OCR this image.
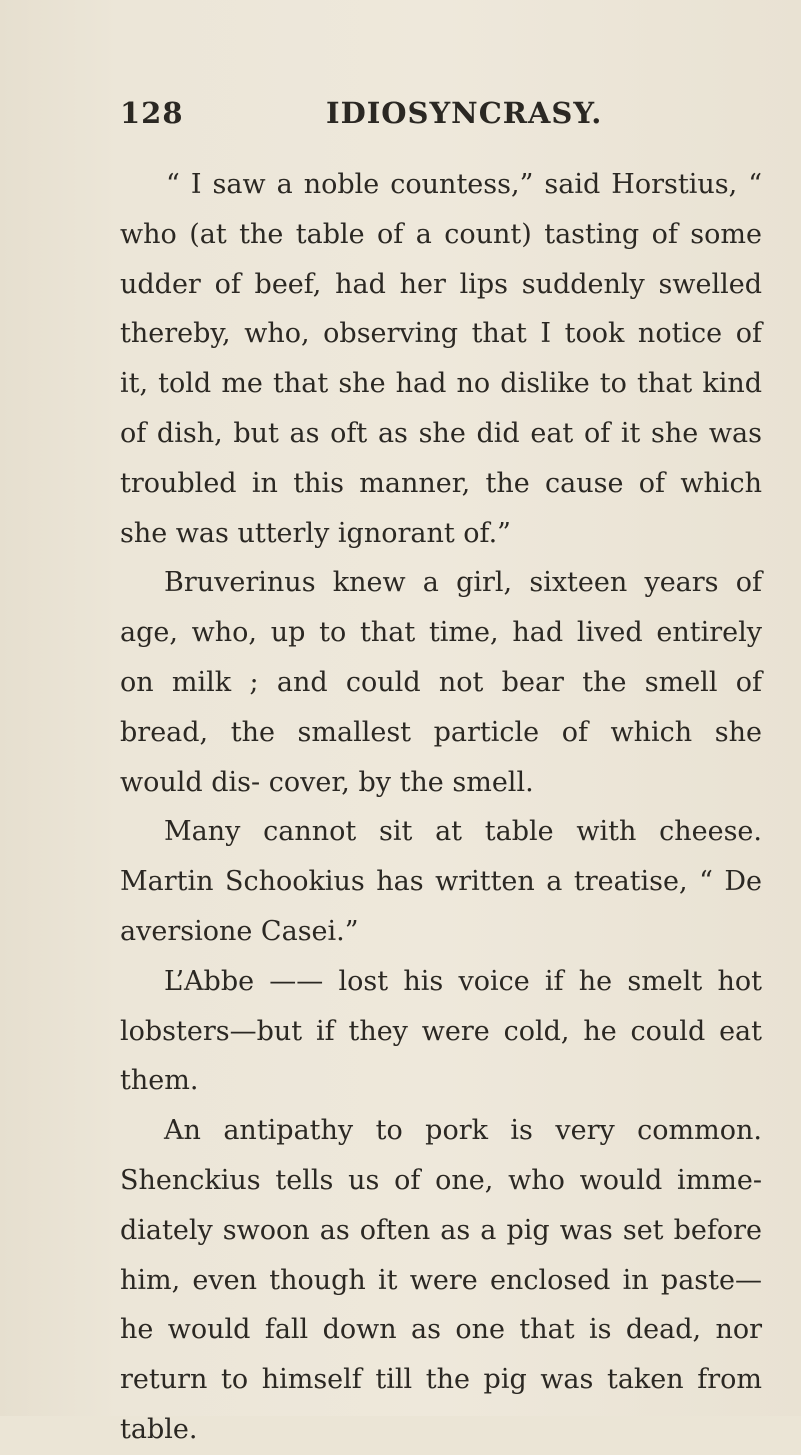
128	IDIOSYNCRASY.

“ I saw a noble countess,” said Horstius, “ who (at the table of a count) tasting of some udder of beef, had her lips suddenly swelled thereby, who, observing that I took notice of it, told me that she had no dislike to that kind of dish, but as oft as she did eat of it she was troubled in this manner, the cause of which she was utterly ignorant of.”

Bruverinus knew a girl, sixteen years of age, who, up to that time, had lived entirely on milk ; and could not bear the smell of bread, the smallest particle of which she would dis- cover, by the smell.

Many cannot sit at table with cheese. Martin Schookius has written a treatise, “ De aversione Casei.”

L’Abbe —— lost his voice if he smelt hot lobsters—but if they were cold, he could eat them.

An antipathy to pork is very common. Shenckius tells us of one, who would imme- diately swoon as often as a pig was set before him, even though it were enclosed in paste— he would fall down as one that is dead, nor return to himself till the pig was taken from table.
